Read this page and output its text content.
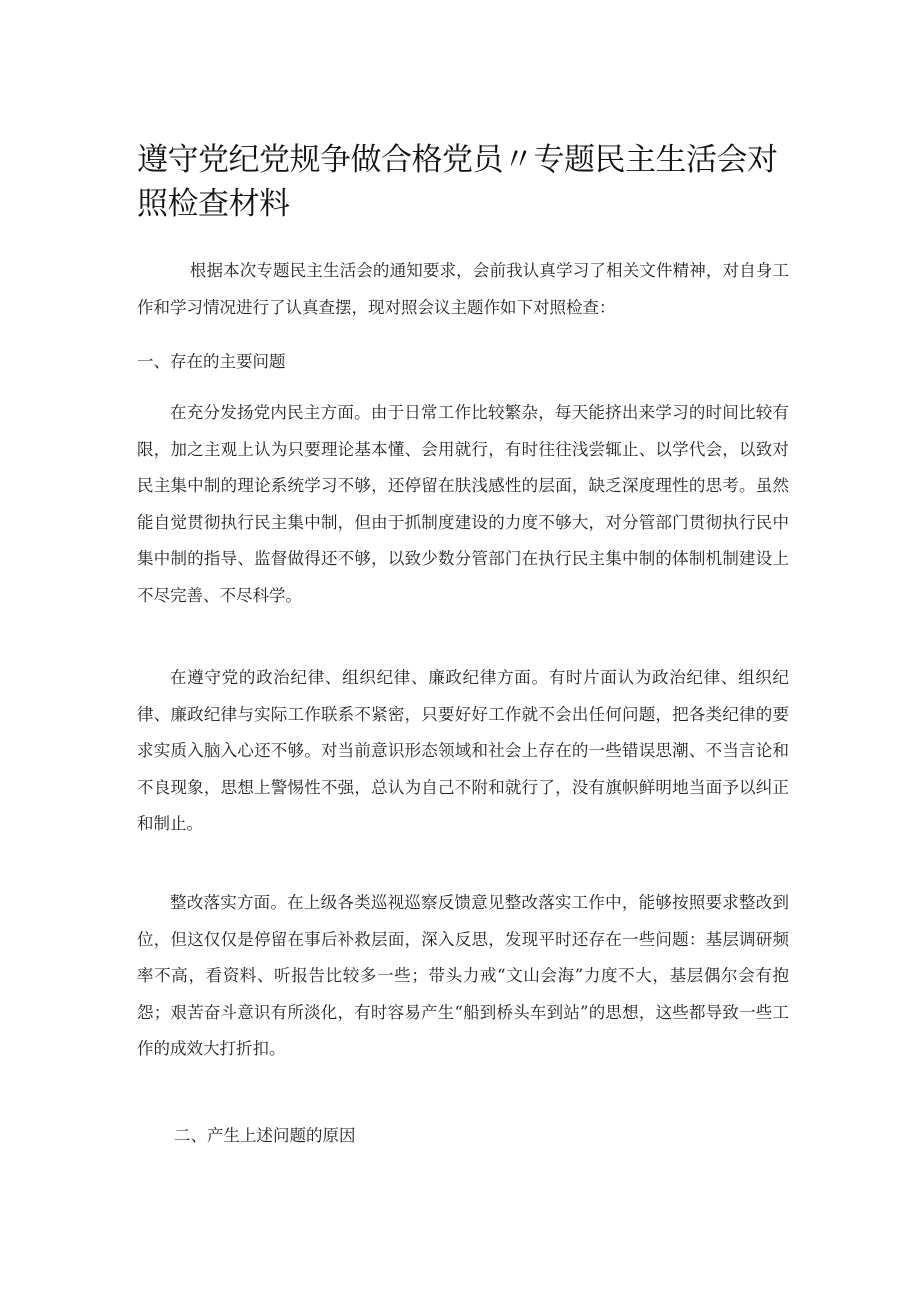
遵守党纪党规争做合格党员〃专题民主生活会对照检查材料

根据本次专题民主生活会的通知要求，会前我认真学习了相关文件精神，对自身工作和学习情况进行了认真查摆，现对照会议主题作如下对照检查：

一、存在的主要问题

在充分发扬党内民主方面。由于日常工作比较繁杂，每天能挤出来学习的时间比较有限，加之主观上认为只要理论基本懂、会用就行，有时往往浅尝辄止、以学代会，以致对民主集中制的理论系统学习不够，还停留在肤浅感性的层面，缺乏深度理性的思考。虽然能自觉贯彻执行民主集中制，但由于抓制度建设的力度不够大，对分管部门贯彻执行民中集中制的指导、监督做得还不够，以致少数分管部门在执行民主集中制的体制机制建设上不尽完善、不尽科学。

在遵守党的政治纪律、组织纪律、廉政纪律方面。有时片面认为政治纪律、组织纪律、廉政纪律与实际工作联系不紧密，只要好好工作就不会出任何问题，把各类纪律的要求实质入脑入心还不够。对当前意识形态领域和社会上存在的一些错误思潮、不当言论和不良现象，思想上警惕性不强，总认为自己不附和就行了，没有旗帜鲜明地当面予以纠正和制止。

整改落实方面。在上级各类巡视巡察反馈意见整改落实工作中，能够按照要求整改到位，但这仅仅是停留在事后补救层面，深入反思，发现平时还存在一些问题：基层调研频率不高，看资料、听报告比较多一些；带头力戒“文山会海”力度不大，基层偶尔会有抱怨；艰苦奋斗意识有所淡化，有时容易产生“船到桥头车到站”的思想，这些都导致一些工作的成效大打折扣。

二、产生上述问题的原因
